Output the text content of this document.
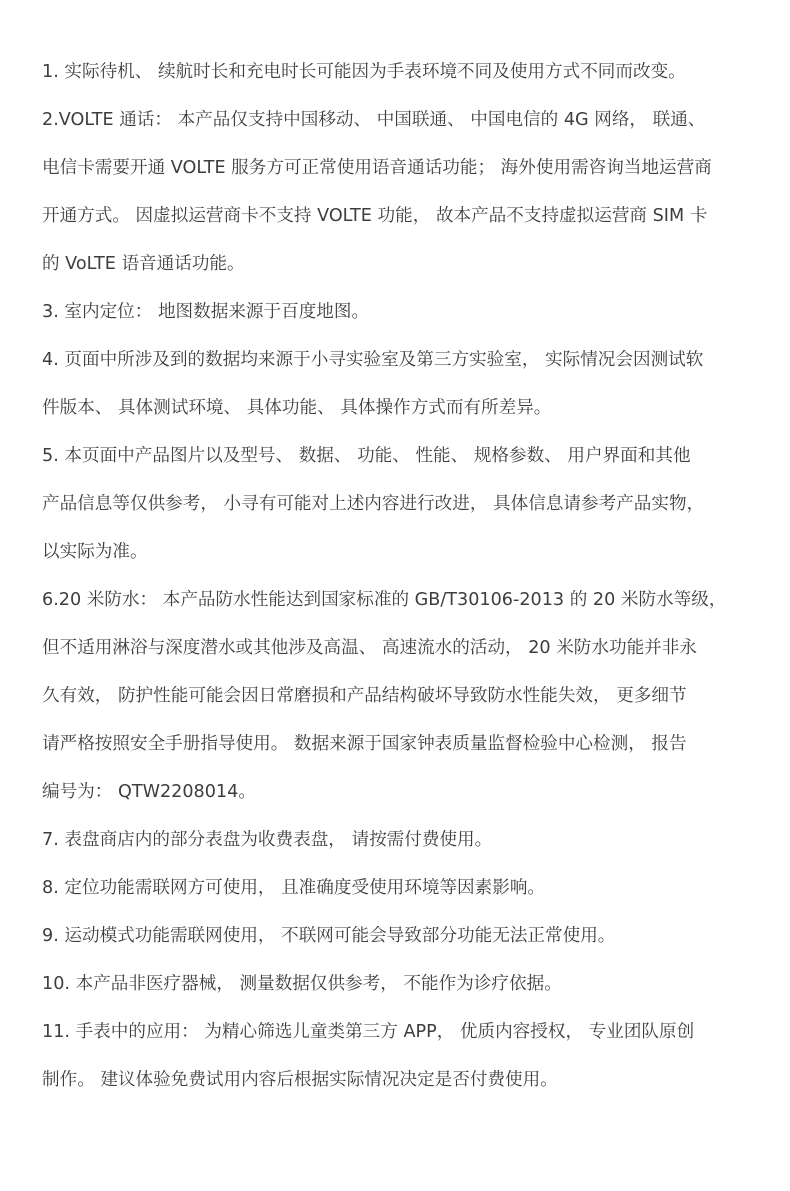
1. 实际待机、 续航时长和充电时长可能因为手表环境不同及使用方式不同而改变。
2.VOLTE 通话： 本产品仅支持中国移动、 中国联通、 中国电信的 4G 网络， 联通、
电信卡需要开通 VOLTE 服务方可正常使用语音通话功能； 海外使用需咨询当地运营商
开通方式。 因虚拟运营商卡不支持 VOLTE 功能， 故本产品不支持虚拟运营商 SIM 卡
的 VoLTE 语音通话功能。
3. 室内定位： 地图数据来源于百度地图。
4. 页面中所涉及到的数据均来源于小寻实验室及第三方实验室， 实际情况会因测试软
件版本、 具体测试环境、 具体功能、 具体操作方式而有所差异。
5. 本页面中产品图片以及型号、 数据、 功能、 性能、 规格参数、 用户界面和其他
产品信息等仅供参考， 小寻有可能对上述内容进行改进， 具体信息请参考产品实物，
以实际为准。
6.20 米防水： 本产品防水性能达到国家标准的 GB/T30106-2013 的 20 米防水等级，
但不适用淋浴与深度潜水或其他涉及高温、 高速流水的活动， 20 米防水功能并非永
久有效， 防护性能可能会因日常磨损和产品结构破坏导致防水性能失效， 更多细节
请严格按照安全手册指导使用。 数据来源于国家钟表质量监督检验中心检测， 报告
编号为： QTW2208014。
7. 表盘商店内的部分表盘为收费表盘， 请按需付费使用。
8. 定位功能需联网方可使用， 且准确度受使用环境等因素影响。
9. 运动模式功能需联网使用， 不联网可能会导致部分功能无法正常使用。
10. 本产品非医疗器械， 测量数据仅供参考， 不能作为诊疗依据。
11. 手表中的应用： 为精心筛选儿童类第三方 APP， 优质内容授权， 专业团队原创
制作。 建议体验免费试用内容后根据实际情况决定是否付费使用。
